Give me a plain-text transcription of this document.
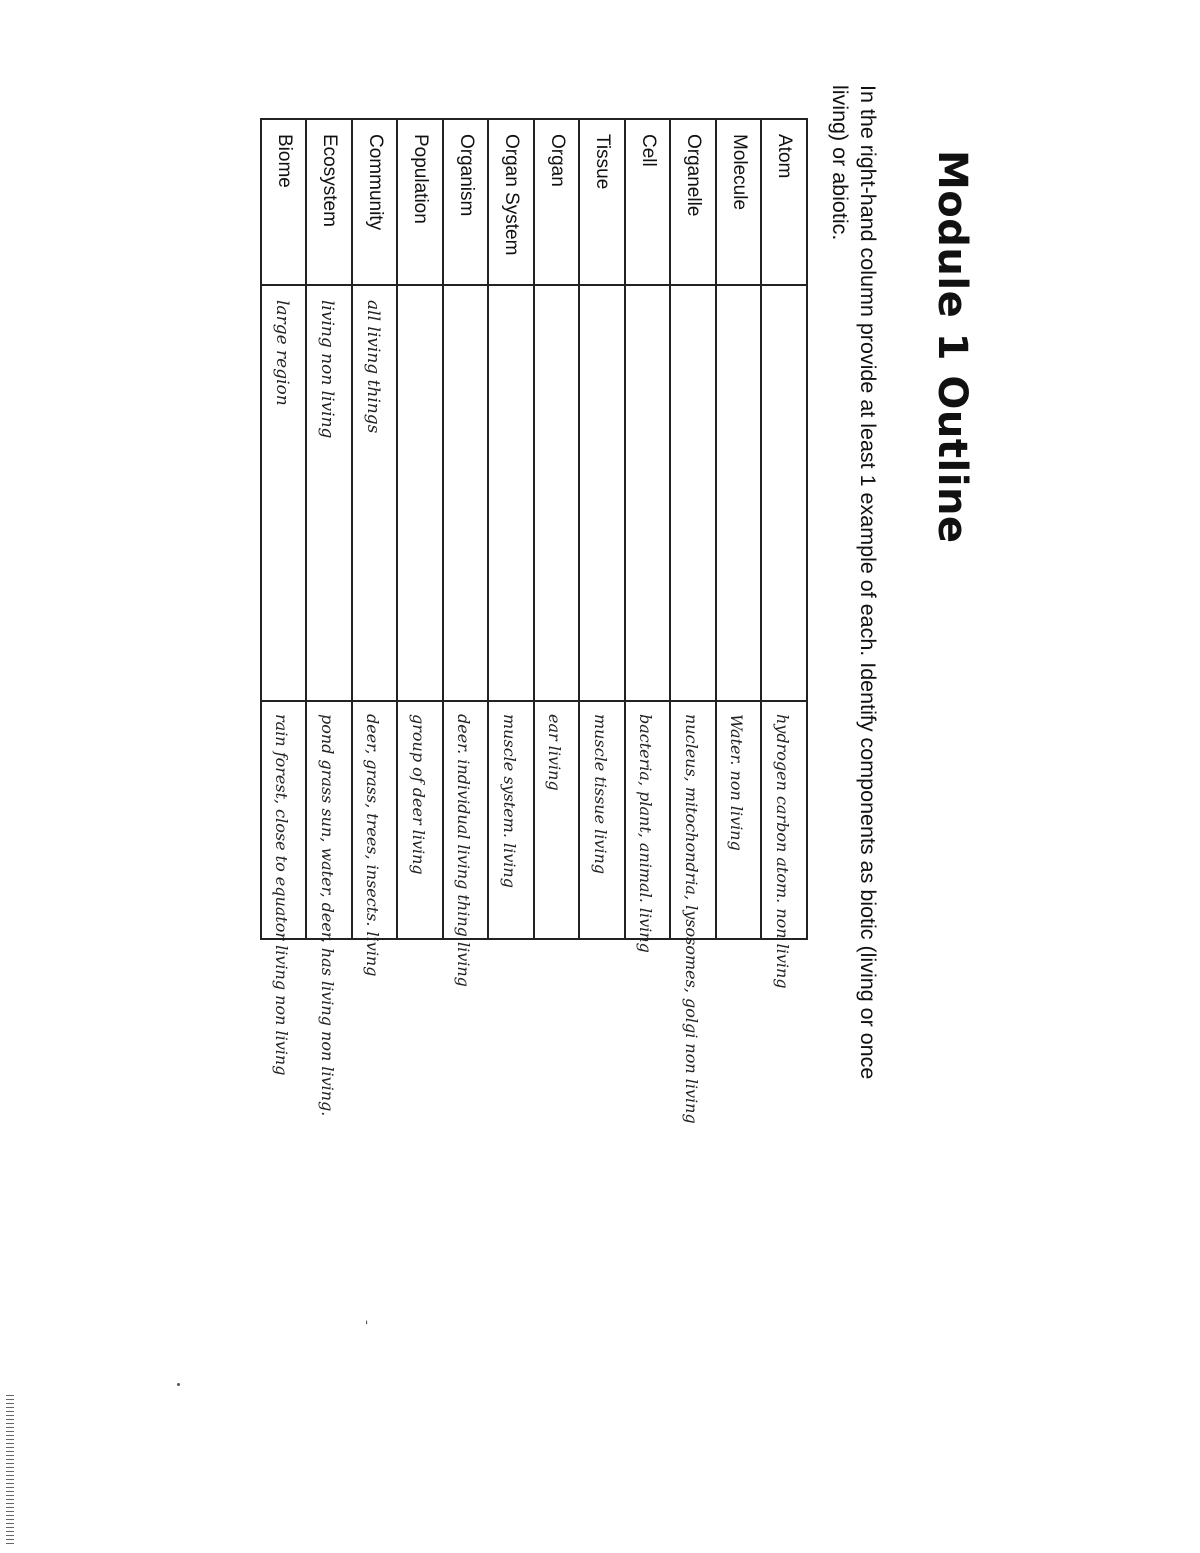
Module 1 Outline

In the right-hand column provide at least 1 example of each. Identify components as biotic (living or once living) or abiotic.

Atom		hydrogen carbon atom. non living
Molecule		Water. non living
Organelle		nucleus, mitochondria, lysosomes, golgi non living
Cell		bacteria, plant, animal. living
Tissue		muscle tissue living
Organ		ear living
Organ System		muscle system. living
Organism		deer. individual living thing living
Population		group of deer living
Community	all living things	deer, grass, trees, insects. living
Ecosystem	living non living	pond grass sun, water, deer, has living non living.
Biome	large region	rain forest, close to equator living non living
-
